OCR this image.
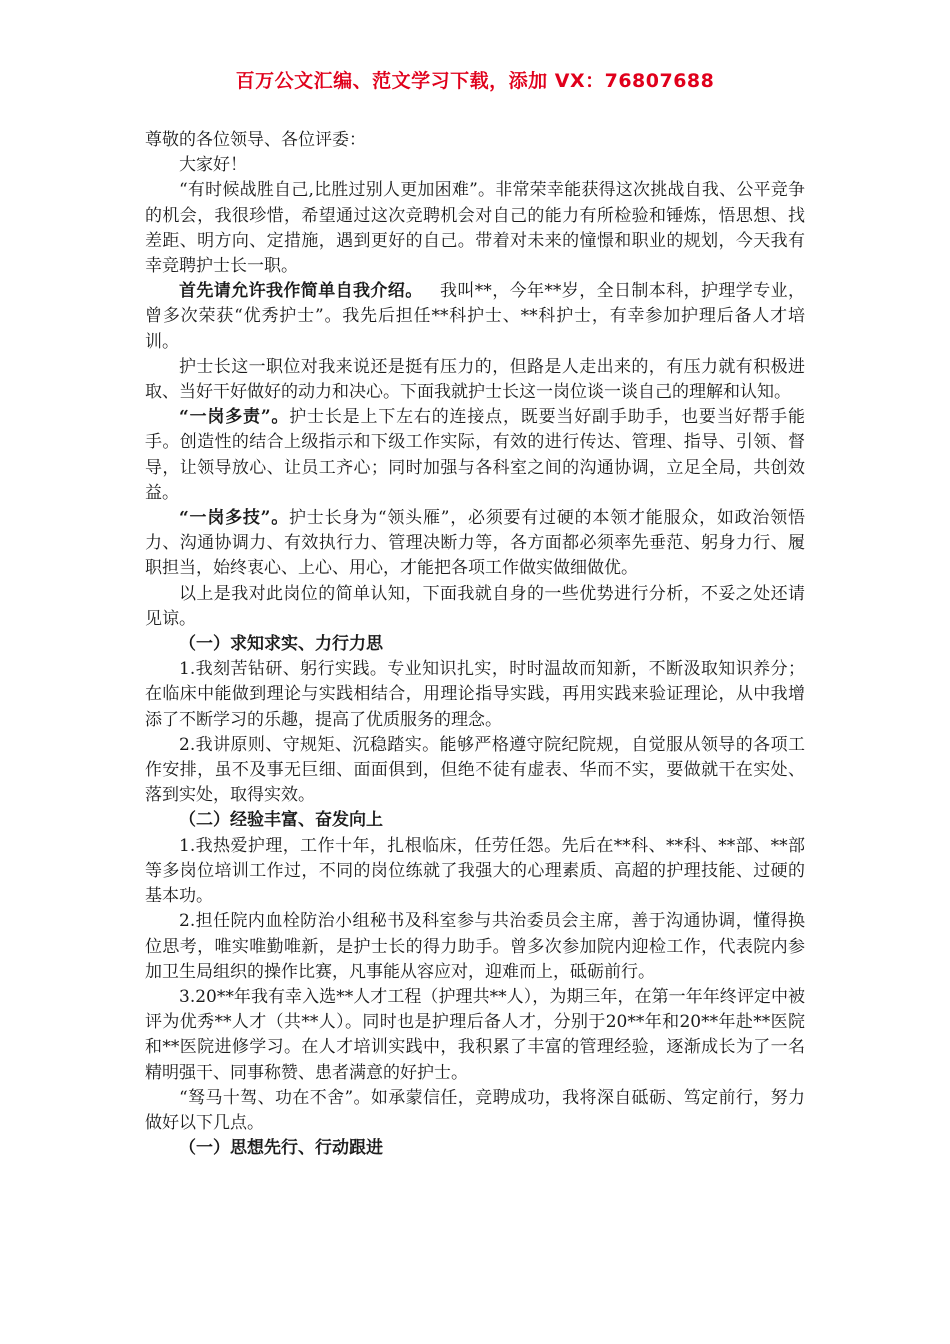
百万公文汇编、范文学习下载，添加 VX：76807688

尊敬的各位领导、各位评委：

大家好！

“有时候战胜自己,比胜过别人更加困难”。非常荣幸能获得这次挑战自我、公平竞争的机会，我很珍惜，希望通过这次竞聘机会对自己的能力有所检验和锤炼，悟思想、找差距、明方向、定措施，遇到更好的自己。带着对未来的憧憬和职业的规划，今天我有幸竞聘护士长一职。

首先请允许我作简单自我介绍。  我叫**，今年**岁，全日制本科，护理学专业，曾多次荣获“优秀护士”。我先后担任**科护士、**科护士，有幸参加护理后备人才培训。

护士长这一职位对我来说还是挺有压力的，但路是人走出来的，有压力就有积极进取、当好干好做好的动力和决心。下面我就护士长这一岗位谈一谈自己的理解和认知。

“一岗多责”。护士长是上下左右的连接点，既要当好副手助手，也要当好帮手能手。创造性的结合上级指示和下级工作实际，有效的进行传达、管理、指导、引领、督导，让领导放心、让员工齐心；同时加强与各科室之间的沟通协调，立足全局，共创效益。

“一岗多技”。护士长身为“领头雁”，必须要有过硬的本领才能服众，如政治领悟力、沟通协调力、有效执行力、管理决断力等，各方面都必须率先垂范、躬身力行、履职担当，始终衷心、上心、用心，才能把各项工作做实做细做优。

以上是我对此岗位的简单认知，下面我就自身的一些优势进行分析，不妥之处还请见谅。

（一）求知求实、力行力思

1.我刻苦钻研、躬行实践。专业知识扎实，时时温故而知新，不断汲取知识养分；在临床中能做到理论与实践相结合，用理论指导实践，再用实践来验证理论，从中我增添了不断学习的乐趣，提高了优质服务的理念。

2.我讲原则、守规矩、沉稳踏实。能够严格遵守院纪院规，自觉服从领导的各项工作安排，虽不及事无巨细、面面俱到，但绝不徒有虚表、华而不实，要做就干在实处、落到实处，取得实效。

（二）经验丰富、奋发向上

1.我热爱护理，工作十年，扎根临床，任劳任怨。先后在**科、**科、**部、**部等多岗位培训工作过，不同的岗位练就了我强大的心理素质、高超的护理技能、过硬的基本功。

2.担任院内血栓防治小组秘书及科室参与共治委员会主席，善于沟通协调，懂得换位思考，唯实唯勤唯新，是护士长的得力助手。曾多次参加院内迎检工作，代表院内参加卫生局组织的操作比赛，凡事能从容应对，迎难而上，砥砺前行。

3.20**年我有幸入选**人才工程（护理共**人），为期三年，在第一年年终评定中被评为优秀**人才（共**人）。同时也是护理后备人才，分别于20**年和20**年赴**医院和**医院进修学习。在人才培训实践中，我积累了丰富的管理经验，逐渐成长为了一名精明强干、同事称赞、患者满意的好护士。

“驽马十驾、功在不舍”。如承蒙信任，竞聘成功，我将深自砥砺、笃定前行，努力做好以下几点。

（一）思想先行、行动跟进
